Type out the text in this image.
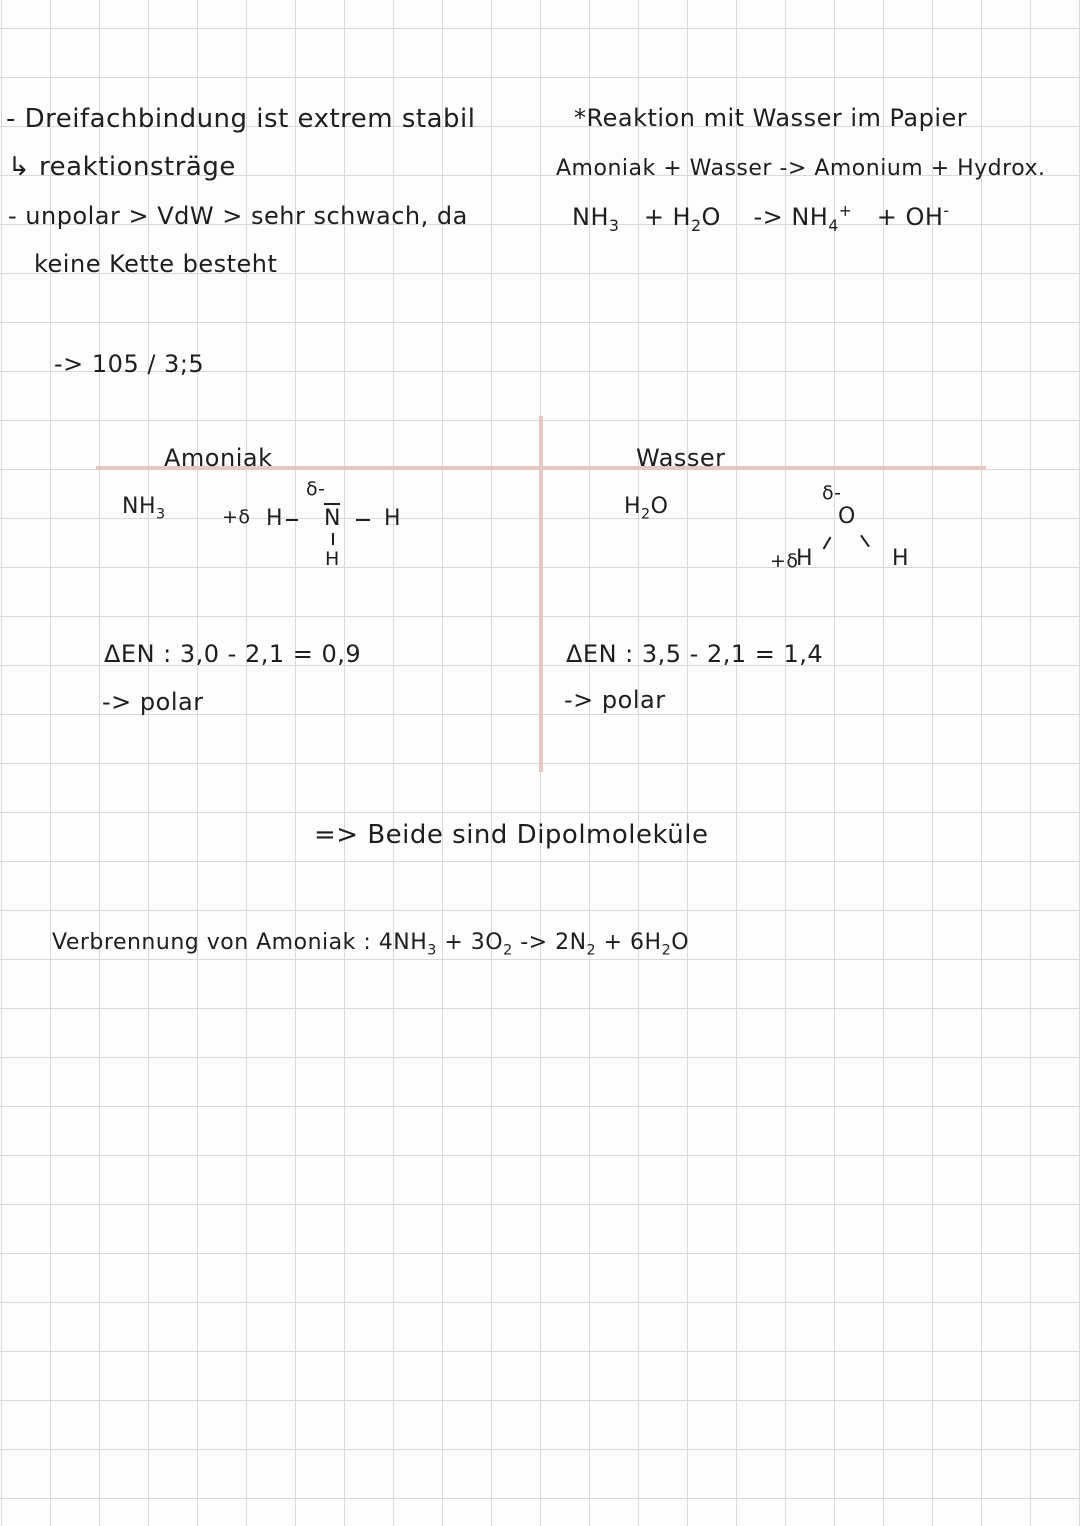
- Dreifachbindung ist extrem stabil
↳ reaktionsträge
- unpolar > VdW > sehr schwach, da
keine Kette besteht
-> 105 / 3;5
*Reaktion mit Wasser im Papier
Amoniak + Wasser -> Amonium + Hydrox.
$NH_3 + H_2O -> NH_4^+ + OH^-$
Amoniak
$NH_3$
δ-
+δ H N H
H
ΔEN : 3,0 - 2,1 = 0,9
-> polar
Wasser
$H_2O$
δ-
O
+δ
H	H
ΔEN : 3,5 - 2,1 = 1,4
-> polar
=> Beide sind Dipolmoleküle
Verbrennung von Amoniak : $4NH_3 + 3O_2 -> 2N_2 + 6H_2O$
